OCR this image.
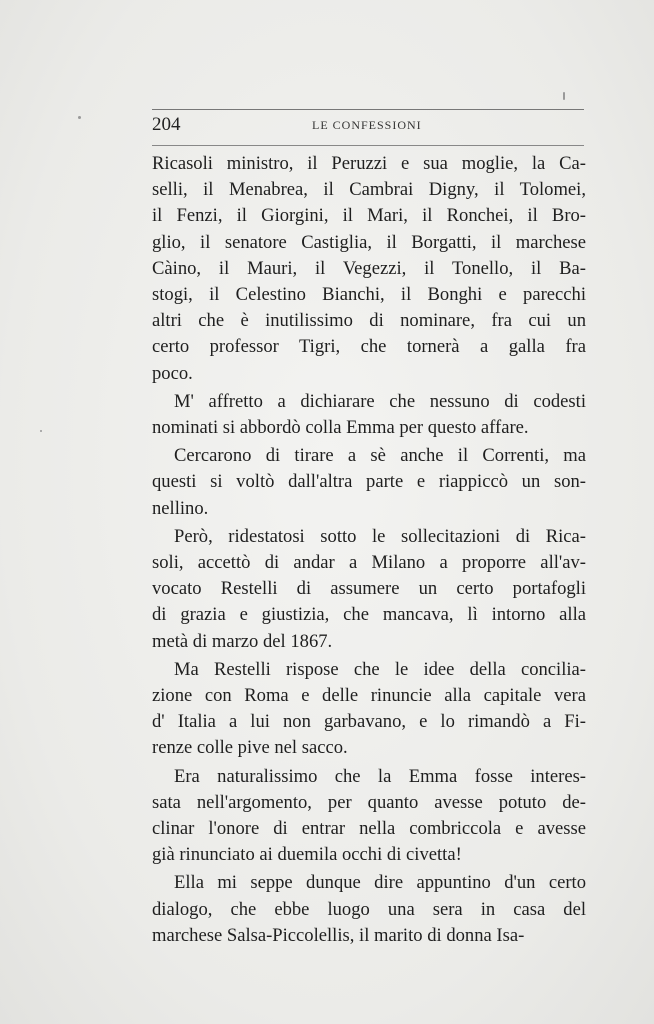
204	LE CONFESSIONI
Ricasoli ministro, il Peruzzi e sua moglie, la Ca-
selli, il Menabrea, il Cambrai Digny, il Tolomei,
il Fenzi, il Giorgini, il Mari, il Ronchei, il Bro-
glio, il senatore Castiglia, il Borgatti, il marchese
Càino, il Mauri, il Vegezzi, il Tonello, il Ba-
stogi, il Celestino Bianchi, il Bonghi e parecchi
altri che è inutilissimo di nominare, fra cui un
certo professor Tigri, che tornerà a galla fra
poco.
M' affretto a dichiarare che nessuno di codesti
nominati si abbordò colla Emma per questo affare.
Cercarono di tirare a sè anche il Correnti, ma
questi si voltò dall'altra parte e riappiccò un son-
nellino.
Però, ridestatosi sotto le sollecitazioni di Rica-
soli, accettò di andar a Milano a proporre all'av-
vocato Restelli di assumere un certo portafogli
di grazia e giustizia, che mancava, lì intorno alla
metà di marzo del 1867.
Ma Restelli rispose che le idee della concilia-
zione con Roma e delle rinuncie alla capitale vera
d' Italia a lui non garbavano, e lo rimandò a Fi-
renze colle pive nel sacco.
Era naturalissimo che la Emma fosse interes-
sata nell'argomento, per quanto avesse potuto de-
clinar l'onore di entrar nella combriccola e avesse
già rinunciato ai duemila occhi di civetta!
Ella mi seppe dunque dire appuntino d'un certo
dialogo, che ebbe luogo una sera in casa del
marchese Salsa-Piccolellis, il marito di donna Isa-
